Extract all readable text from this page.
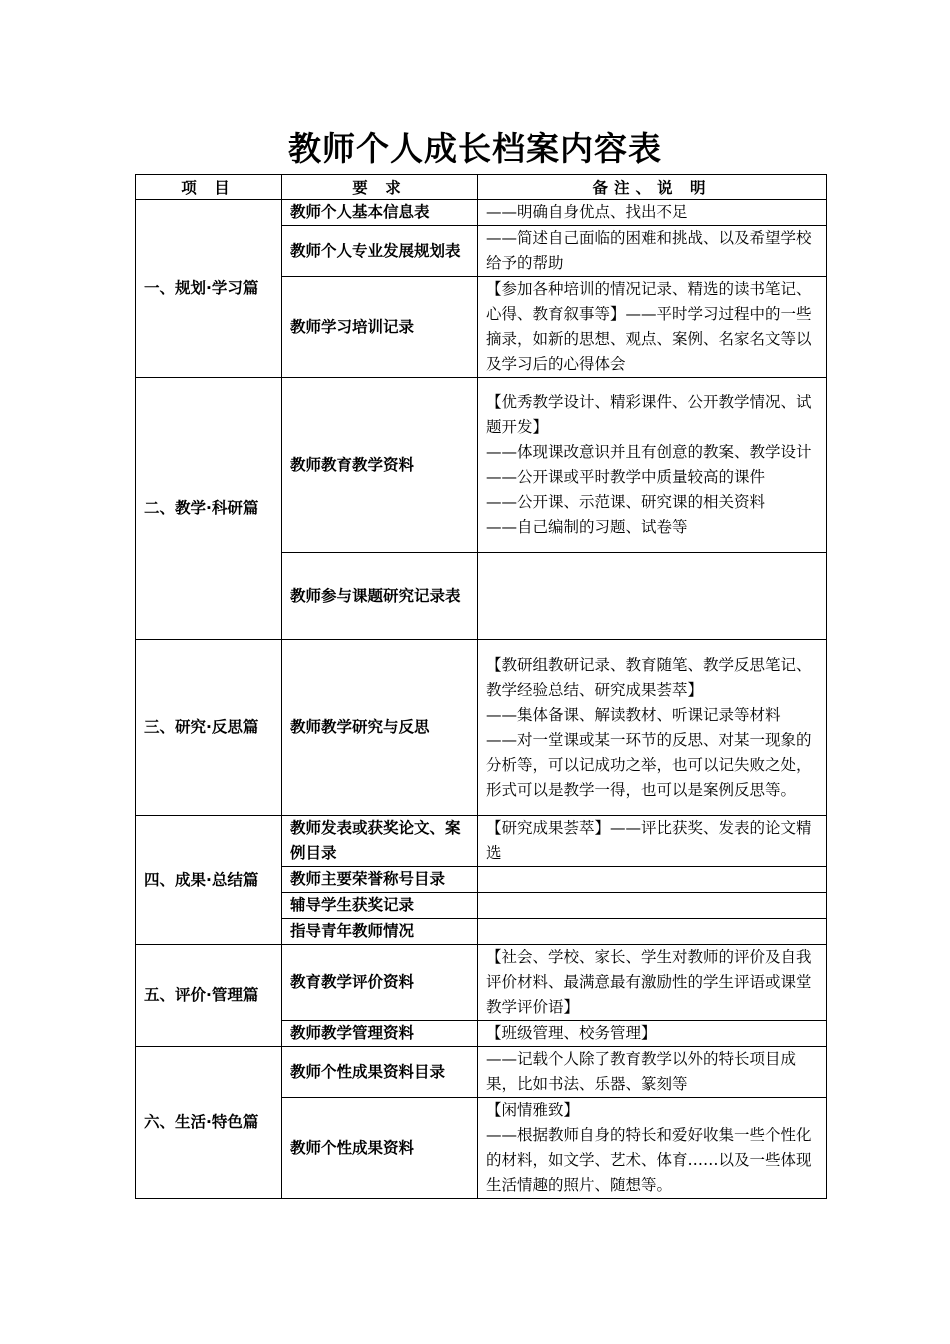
教师个人成长档案内容表
项 目	要 求	备注、说 明
一、规划·学习篇	教师个人基本信息表	——明确自身优点、找出不足

	教师个人专业发展规划表	——简述自己面临的困难和挑战、以及希望学校给予的帮助

	教师学习培训记录	【参加各种培训的情况记录、精选的读书笔记、心得、教育叙事等】——平时学习过程中的一些摘录，如新的思想、观点、案例、名家名文等以及学习后的心得体会

二、教学·科研篇	教师教育教学资料	【优秀教学设计、精彩课件、公开教学情况、试题开发】
——体现课改意识并且有创意的教案、教学设计
——公开课或平时教学中质量较高的课件
——公开课、示范课、研究课的相关资料
——自己编制的习题、试卷等

	教师参与课题研究记录表	
三、研究·反思篇	教师教学研究与反思	【教研组教研记录、教育随笔、教学反思笔记、教学经验总结、研究成果荟萃】
——集体备课、解读教材、听课记录等材料
——对一堂课或某一环节的反思、对某一现象的分析等，可以记成功之举，也可以记失败之处，形式可以是教学一得，也可以是案例反思等。

四、成果·总结篇	教师发表或获奖论文、案例目录	【研究成果荟萃】——评比获奖、发表的论文精选

	教师主要荣誉称号目录	
	辅导学生获奖记录	
	指导青年教师情况	
五、评价·管理篇	教育教学评价资料	【社会、学校、家长、学生对教师的评价及自我评价材料、最满意最有激励性的学生评语或课堂教学评价语】

	教师教学管理资料	【班级管理、校务管理】

六、生活·特色篇	教师个性成果资料目录	——记载个人除了教育教学以外的特长项目成果，比如书法、乐器、篆刻等

	教师个性成果资料	【闲情雅致】
——根据教师自身的特长和爱好收集一些个性化的材料，如文学、艺术、体育……以及一些体现生活情趣的照片、随想等。
